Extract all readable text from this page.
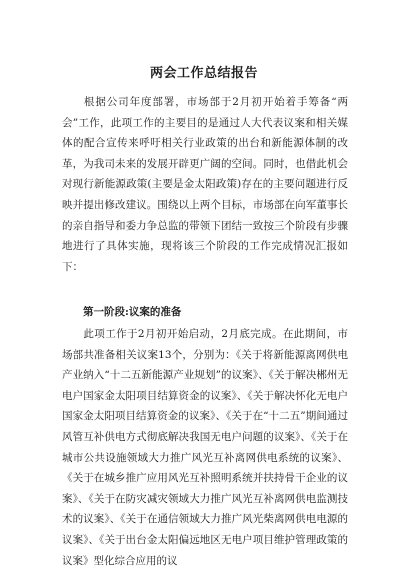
两会工作总结报告
根据公司年度部署，市场部于2月初开始着手筹备“两会”工作，此项工作的主要目的是通过人大代表议案和相关媒体的配合宣传来呼吁相关行业政策的出台和新能源体制的改革，为我司未来的发展开辟更广阔的空间。同时，也借此机会对现行新能源政策(主要是金太阳政策)存在的主要问题进行反映并提出修改建议。围绕以上两个目标，市场部在向军董事长的亲自指导和委力争总监的带领下团结一致按三个阶段有步骤地进行了具体实施，现将该三个阶段的工作完成情况汇报如下：
第一阶段:议案的准备
此项工作于2月初开始启动，2月底完成。在此期间，市场部共准备相关议案13个，分别为：《关于将新能源离网供电产业纳入“十二五新能源产业规划”的议案》、《关于解决郴州无电户国家金太阳项目结算资金的议案》、《关于解决怀化无电户国家金太阳项目结算资金的议案》、《关于在“十二五”期间通过风管互补供电方式彻底解决我国无电户问题的议案》、《关于在城市公共设施领域大力推广风光互补离网供电系统的议案》、《关于在城乡推广应用风光互补照明系统并扶持骨干企业的议案》、《关于在防灾减灾领域大力推广风光互补离网供电监测技术的议案》、《关于在通信领域大力推广风光柴离网供电电源的议案》、《关于出台金太阳偏远地区无电户项目维护管理政策的议案》型化综合应用的议
